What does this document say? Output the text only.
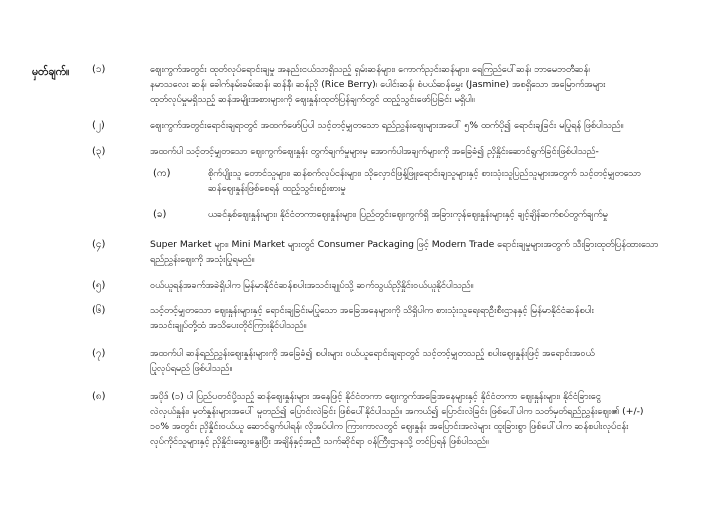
မှတ်ချက်။ (၁)	ဈေးကွက်အတွင်း ထုတ်လုပ်ရောင်းချမှု အနည်းငယ်သာရှိသည့် ရှမ်းဆန်များ၊ ကောက်ညှင်းဆန်များ၊ ရေကြည်ပေါ်ဆန်၊ ဘာမေဘတီဆန်၊
နမာသလေး ဆန်၊ ခေါက်နမ်းခမ်းဆန်၊ ဆန်နီ၊ ဆန်ညို (Rice Berry)၊ ပေါင်းဆန်၊ စံပယ်ဆန်မွှေး (Jasmine) အစရှိသော အမြောက်အများ
ထုတ်လုပ်မှုမရှိသည့် ဆန်အမျိုးအစားများကို ဈေးနှုန်းထုတ်ပြန်ချက်တွင် ထည့်သွင်းဖော်ပြခြင်း မရှိပါ။
(၂)	ဈေးကွက်အတွင်းရောင်းချရာတွင် အထက်ဖော်ပြပါ သင့်တင့်မျှတသော ရည်ညွှန်းဈေးများအပေါ် ၅% ထက်ပို၍ ရောင်းချခြင်း မပြုရန် ဖြစ်ပါသည်။
(၃)	အထက်ပါ သင့်တင့်မျှတသော ဈေးကွက်ဈေးနှုန်း တွက်ချက်မှုများမှ အောက်ပါအချက်များကို အခြေခံ၍ ညှိနှိုင်းဆောင်ရွက်ခြင်းဖြစ်ပါသည်-
(က)	စိုက်ပျိုးသူ တောင်သူများ၊ ဆန်စက်လုပ်ငန်းများ၊ သိုလှောင်ဖြန့်ဖြူးရောင်းချသူများနှင့် စားသုံးသူပြည်သူများအတွက် သင့်တင့်မျှတသော
ဆန်ဈေးနှုန်းဖြစ်စေရန် ထည့်သွင်းစဉ်းစားမှု
(ခ)	ယခင်နှစ်ဈေးနှုန်းများ၊ နိုင်ငံတကာဈေးနှုန်းများ၊ ပြည်တွင်းဈေးကွက်ရှိ အခြားကုန်ဈေးနှုန်းများနှင့် ချင့်ချိန်ဆက်စပ်တွက်ချက်မှု
(၄)	Super Market များ၊ Mini Market များတွင် Consumer Packaging ဖြင့် Modern Trade ရောင်းချမှုများအတွက် သီးခြားထုတ်ပြန်ထားသော
ရည်ညွှန်းဈေးကို အသုံးပြုရမည်။
(၅)	ဝယ်ယူရန်အခက်အခဲရှိပါက မြန်မာနိုင်ငံဆန်စပါးအသင်းချုပ်သို့ ဆက်သွယ်ညှိနှိုင်းဝယ်ယူနိုင်ပါသည်။
(၆)	သင့်တင့်မျှတသော ဈေးနှုန်းများနှင့် ရောင်းချခြင်းမပြုသော အခြေအနေများကို သိရှိပါက စားသုံးသူရေးရာဦးစီးဌာနနှင့် မြန်မာနိုင်ငံဆန်စပါး
အသင်းချုပ်တို့ထံ အသိပေးတိုင်ကြားနိုင်ပါသည်။
(၇)	အထက်ပါ ဆန်ရည်ညွှန်းဈေးနှုန်းများကို အခြေခံ၍ စပါးများ ဝယ်ယူရောင်းချရာတွင် သင့်တင့်မျှတသည့် စပါးဈေးနှုန်းဖြင့် အရောင်းအဝယ်
ပြုလုပ်ရမည် ဖြစ်ပါသည်။
(၈)	အပိုဒ် (၁) ပါ ပြည်ပတင်ပို့သည့် ဆန်ဈေးနှုန်းများ အနေဖြင့် နိုင်ငံတကာ ဈေးကွက်အခြေအနေများနှင့် နိုင်ငံတကာ ဈေးနှုန်းများ၊ နိုင်ငံခြားငွေ
လဲလှယ်နှုန်း၊ မှတ်နှုန်းများအပေါ် မူတည်၍ ပြောင်းလဲခြင်း ဖြစ်ပေါ်နိုင်ပါသည်။ အကယ်၍ ပြောင်းလဲခြင်း ဖြစ်ပေါ်ပါက သတ်မှတ်ရည်ညွှန်းဈေး၏ (+/-)
၁၀% အတွင်း ညှိနှိုင်းဝယ်ယူ ဆောင်ရွက်ပါရန်၊ လိုအပ်ပါက ကြားကာလတွင် ဈေးနှုန်း အပြောင်းအလဲများ ထူးခြားစွာ ဖြစ်ပေါ်ပါက ဆန်စပါးလုပ်ငန်း
လုပ်ကိုင်သူများနှင့် ညှိနှိုင်းဆွေးနွေးပြီး အချိန်နှင့်အညီ သက်ဆိုင်ရာ ဝန်ကြီးဌာနသို့ တင်ပြရန် ဖြစ်ပါသည်။
